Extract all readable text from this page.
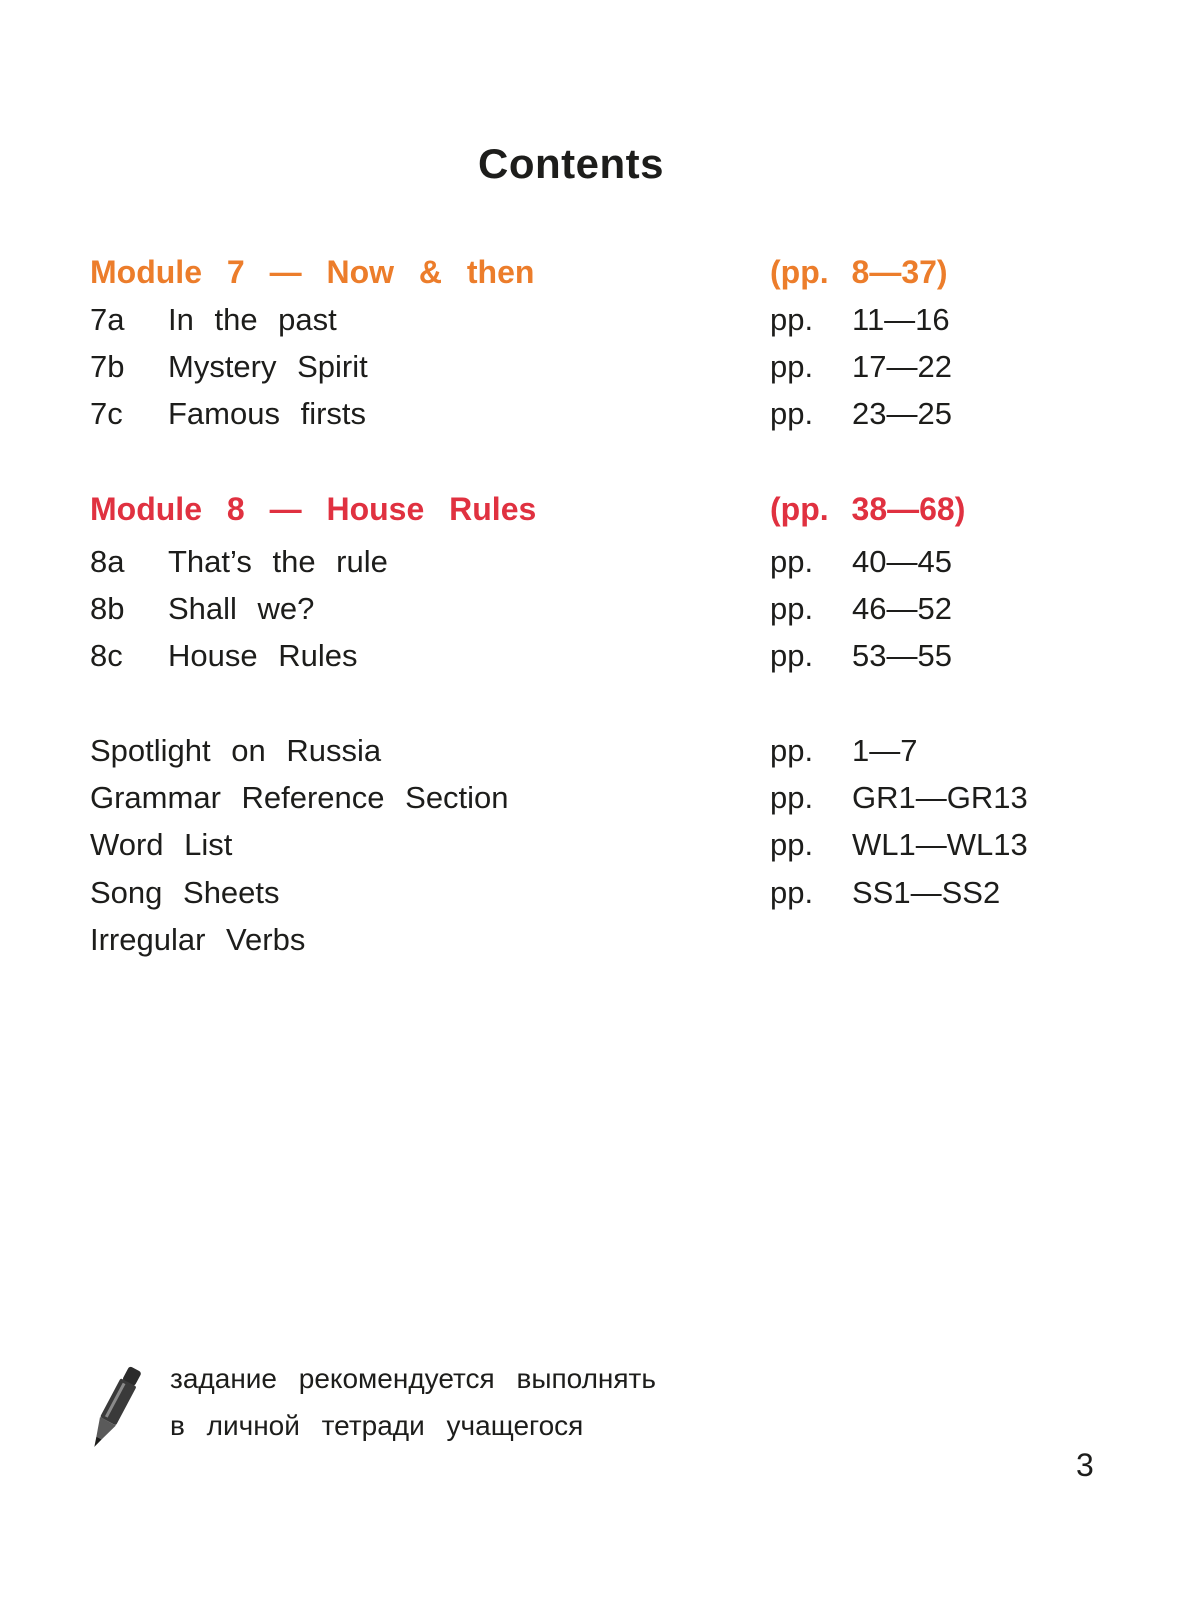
Contents
Module 7 — Now & then	(pp. 8—37)
7a In the past	pp. 11—16
7b Mystery Spirit	pp. 17—22
7c Famous firsts	pp. 23—25
Module 8 — House Rules	(pp. 38—68)
8a That’s the rule	pp. 40—45
8b Shall we?	pp. 46—52
8c House Rules	pp. 53—55
Spotlight on Russia	pp. 1—7
Grammar Reference Section	pp. GR1—GR13
Word List	pp. WL1—WL13
Song Sheets	pp. SS1—SS2
Irregular Verbs
задание рекомендуется выполнять
в личной тетради учащегося
3
